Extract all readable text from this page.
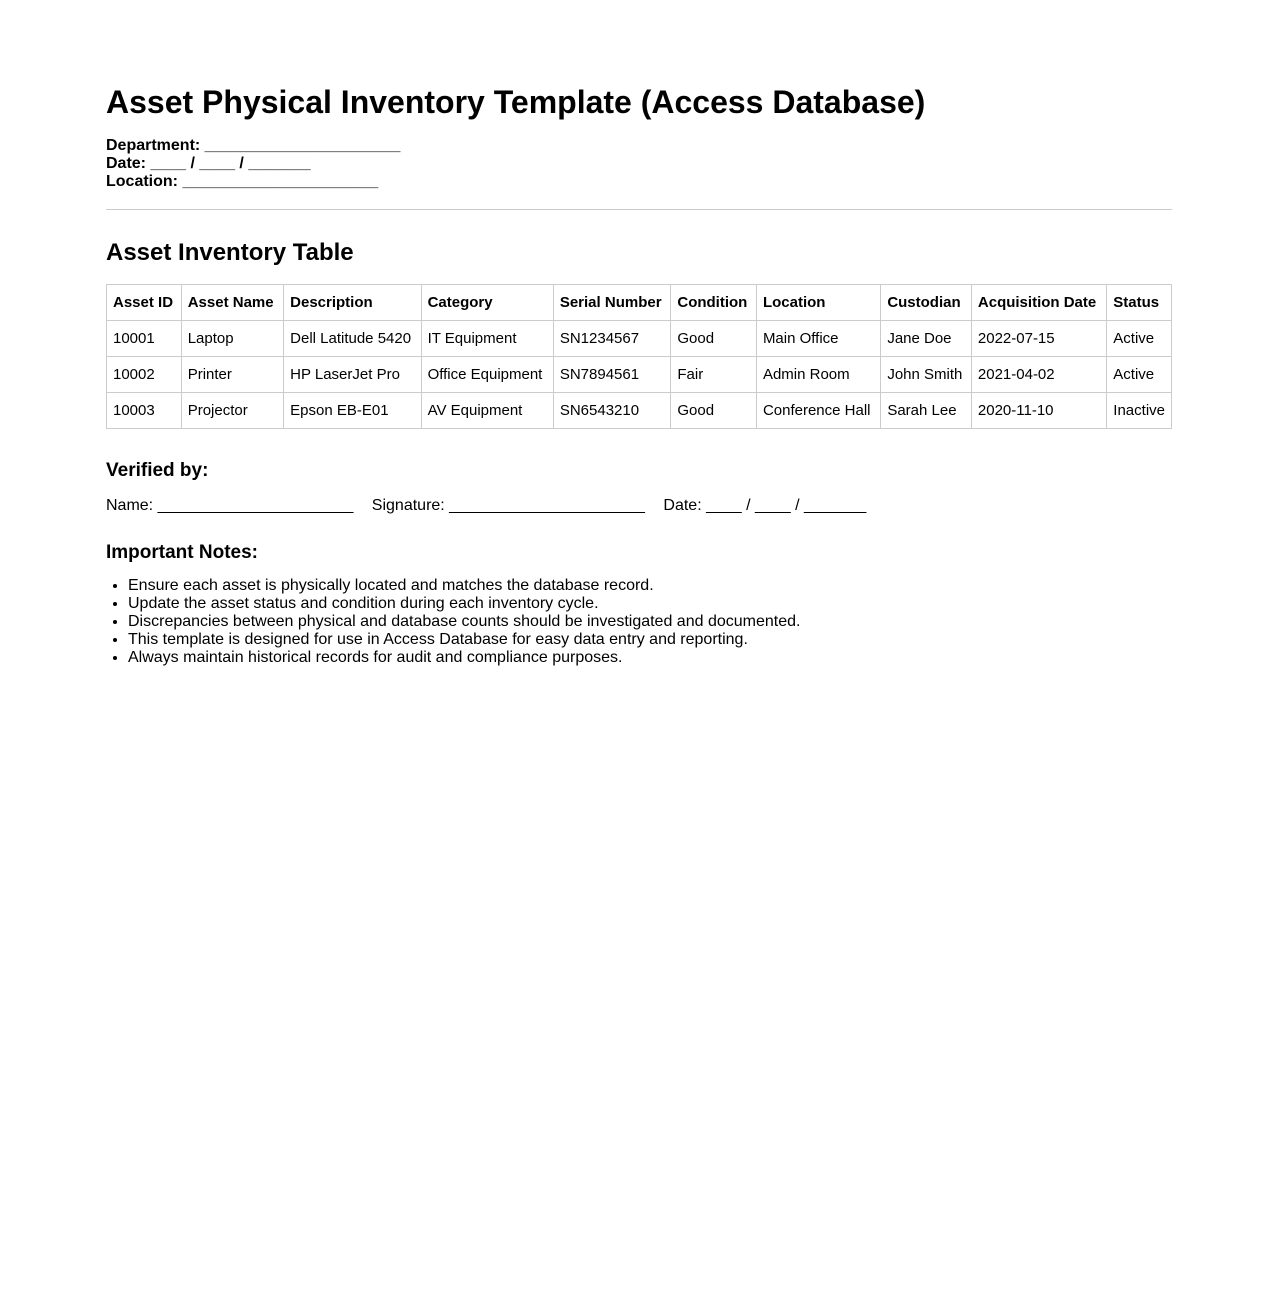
Asset Physical Inventory Template (Access Database)
Department: ______________________
Date: ____ / ____ / _______
Location: ______________________
Asset Inventory Table
Asset ID	Asset Name	Description	Category	Serial Number	Condition	Location	Custodian	Acquisition Date	Status
10001	Laptop	Dell Latitude 5420	IT Equipment	SN1234567	Good	Main Office	Jane Doe	2022-07-15	Active
10002	Printer	HP LaserJet Pro	Office Equipment	SN7894561	Fair	Admin Room	John Smith	2021-04-02	Active
10003	Projector	Epson EB-E01	AV Equipment	SN6543210	Good	Conference Hall	Sarah Lee	2020-11-10	Inactive
Verified by:
Name: ______________________ Signature: ______________________ Date: ____ / ____ / _______
Important Notes:
• Ensure each asset is physically located and matches the database record.
• Update the asset status and condition during each inventory cycle.
• Discrepancies between physical and database counts should be investigated and documented.
• This template is designed for use in Access Database for easy data entry and reporting.
• Always maintain historical records for audit and compliance purposes.
